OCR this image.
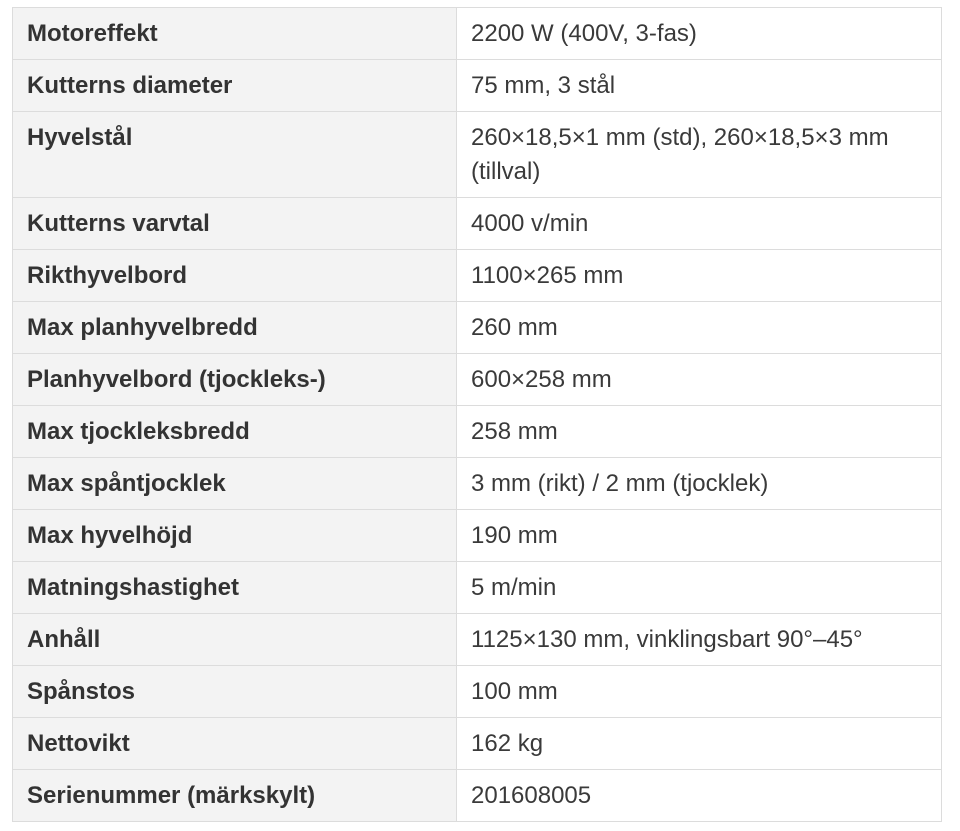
Motoreffekt	2200 W (400V, 3-fas)
Kutterns diameter	75 mm, 3 stål
Hyvelstål	260×18,5×1 mm (std), 260×18,5×3 mm (tillval)
Kutterns varvtal	4000 v/min
Rikthyvelbord	1100×265 mm
Max planhyvelbredd	260 mm
Planhyvelbord (tjockleks-)	600×258 mm
Max tjockleksbredd	258 mm
Max spåntjocklek	3 mm (rikt) / 2 mm (tjocklek)
Max hyvelhöjd	190 mm
Matningshastighet	5 m/min
Anhåll	1125×130 mm, vinklingsbart 90°–45°
Spånstos	100 mm
Nettovikt	162 kg
Serienummer (märkskylt)	201608005
